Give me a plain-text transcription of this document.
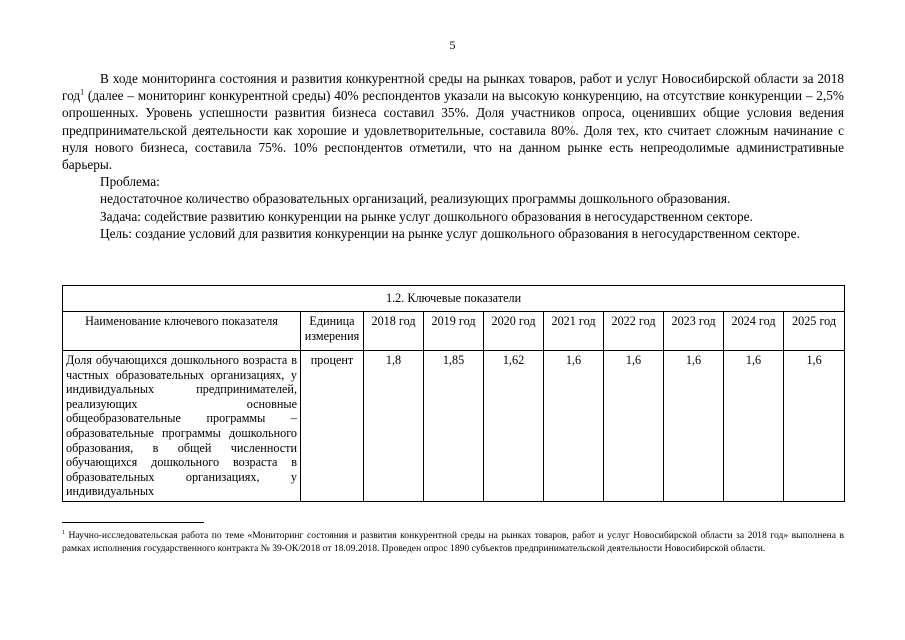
5

В ходе мониторинга состояния и развития конкурентной среды на рынках товаров, работ и услуг Новосибирской области за 2018 год$^1$ (далее – мониторинг конкурентной среды) 40% респондентов указали на высокую конкуренцию, на отсутствие конкуренции – 2,5% опрошенных. Уровень успешности развития бизнеса составил 35%. Доля участников опроса, оценивших общие условия ведения предпринимательской деятельности как хорошие и удовлетворительные, составила 80%. Доля тех, кто считает сложным начинание с нуля нового бизнеса, составила 75%. 10% респондентов отметили, что на данном рынке есть непреодолимые административные барьеры.

Проблема:

недостаточное количество образовательных организаций, реализующих программы дошкольного образования.

Задача: содействие развитию конкуренции на рынке услуг дошкольного образования в негосударственном секторе.

Цель: создание условий для развития конкуренции на рынке услуг дошкольного образования в негосударственном секторе.

1.2. Ключевые показатели									
Наименование ключевого показателя	Единица измерения	2018 год	2019 год	2020 год	2021 год	2022 год	2023 год	2024 год	2025 год
Доля обучающихся дошкольного возраста в частных образовательных организациях, у индивидуальных предпринимателей, реализующих основные общеобразовательные программы – образовательные программы дошкольного образования, в общей численности обучающихся дошкольного возраста в образовательных организациях, у индивидуальных	процент	1,8	1,85	1,62	1,6	1,6	1,6	1,6	1,6

$^1$ Научно-исследовательская работа по теме «Мониторинг состояния и развития конкурентной среды на рынках товаров, работ и услуг Новосибирской области за 2018 год» выполнена в рамках исполнения государственного контракта № 39-ОК/2018 от 18.09.2018. Проведен опрос 1890 субъектов предпринимательской деятельности Новосибирской области.
